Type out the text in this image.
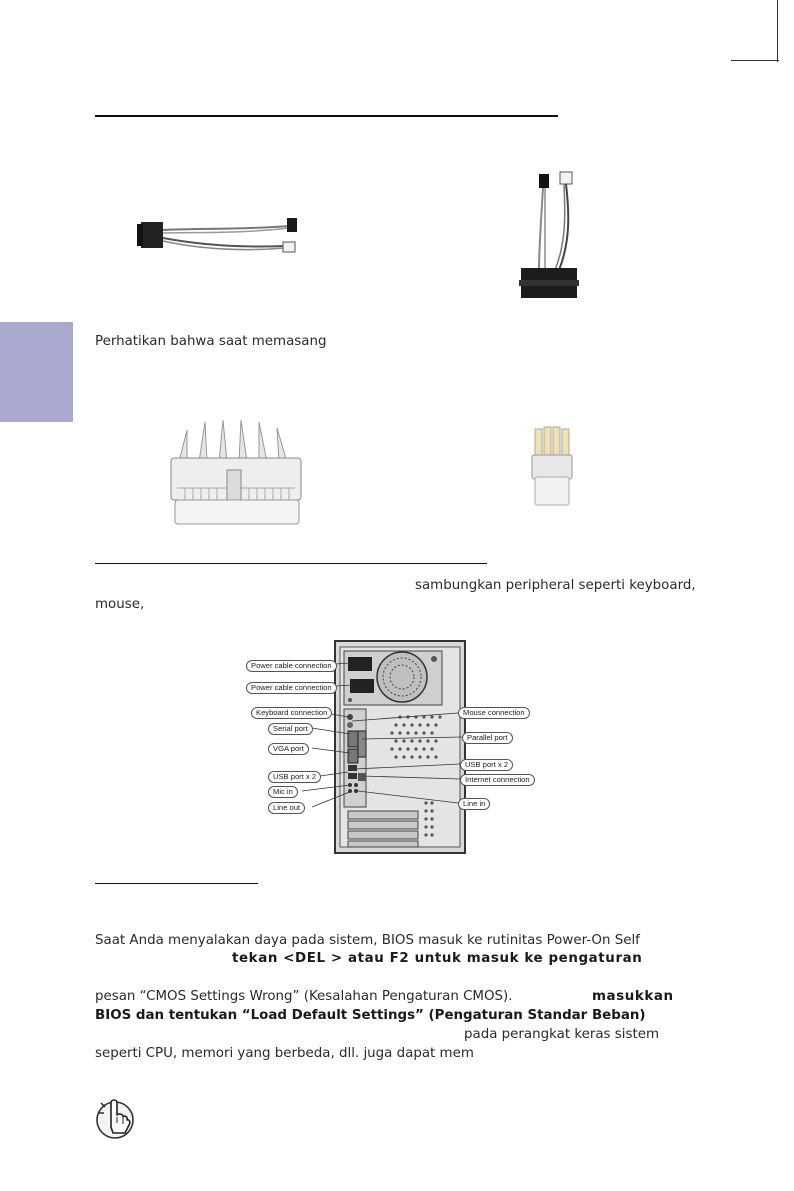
Perhatikan bahwa saat memasang
sambungkan peripheral seperti keyboard,
mouse,
Power cable connection
Power cable connection
Keyboard connection
Serial port
VGA port
USB port x 2
Mic in
Line out
Mouse connection
Parallel port
USB port x 2
Internet connection
Line in
Saat Anda menyalakan daya pada sistem, BIOS masuk ke rutinitas Power-On Self
tekan <DEL > atau F2 untuk masuk ke pengaturan
pesan “CMOS Settings Wrong” (Kesalahan Pengaturan CMOS).	masukkan
BIOS dan tentukan “Load Default Settings” (Pengaturan Standar Beban)
pada perangkat keras sistem
seperti CPU, memori yang berbeda, dll. juga dapat mem
